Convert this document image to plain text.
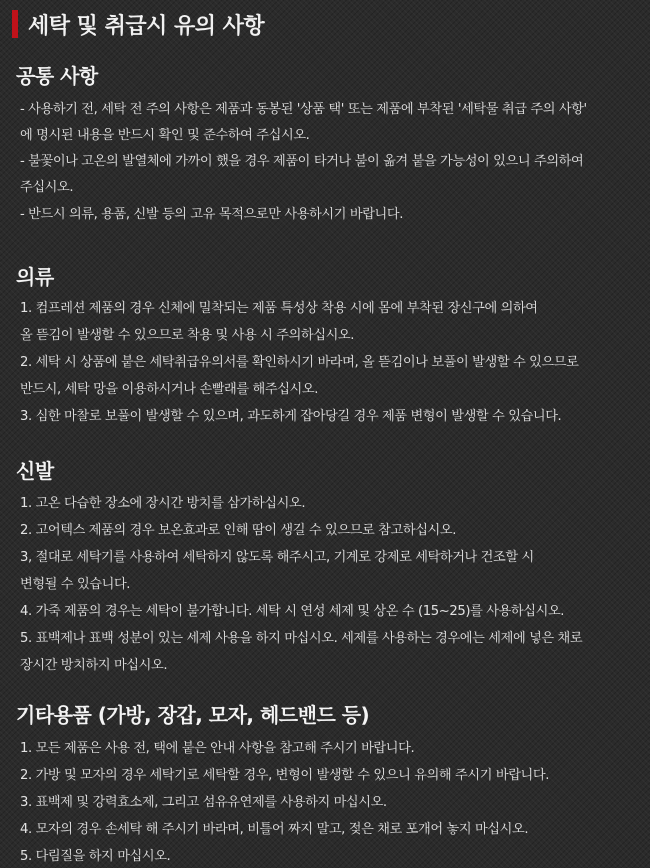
세탁 및 취급시 유의 사항
공통 사항
- 사용하기 전, 세탁 전 주의 사항은 제품과 동봉된 '상품 택' 또는 제품에 부착된 '세탁물 취급 주의 사항'
에 명시된 내용을 반드시 확인 및 준수하여 주십시오.
- 불꽃이나 고온의 발열체에 가까이 했을 경우 제품이 타거나 불이 옮겨 붙을 가능성이 있으니 주의하여
주십시오.
- 반드시 의류, 용품, 신발 등의 고유 목적으로만 사용하시기 바랍니다.
의류
1. 컴프레션 제품의 경우 신체에 밀착되는 제품 특성상 착용 시에 몸에 부착된 장신구에 의하여
올 뜯김이 발생할 수 있으므로 착용 및 사용 시 주의하십시오.
2. 세탁 시 상품에 붙은 세탁취급유의서를 확인하시기 바라며, 올 뜯김이나 보풀이 발생할 수 있으므로
반드시, 세탁 망을 이용하시거나 손빨래를 해주십시오.
3. 심한 마찰로 보풀이 발생할 수 있으며, 과도하게 잡아당길 경우 제품 변형이 발생할 수 있습니다.
신발
1. 고온 다습한 장소에 장시간 방치를 삼가하십시오.
2. 고어텍스 제품의 경우 보온효과로 인해 땀이 생길 수 있으므로 참고하십시오.
3, 절대로 세탁기를 사용하여 세탁하지 않도록 해주시고, 기계로 강제로 세탁하거나 건조할 시
변형될 수 있습니다.
4. 가죽 제품의 경우는 세탁이 불가합니다. 세탁 시 연성 세제 및 상온 수 (15~25)를 사용하십시오.
5. 표백제나 표백 성분이 있는 세제 사용을 하지 마십시오. 세제를 사용하는 경우에는 세제에 넣은 채로
장시간 방치하지 마십시오.
기타용품 (가방, 장갑, 모자, 헤드밴드 등)
1. 모든 제품은 사용 전, 택에 붙은 안내 사항을 참고해 주시기 바랍니다.
2. 가방 및 모자의 경우 세탁기로 세탁할 경우, 변형이 발생할 수 있으니 유의해 주시기 바랍니다.
3. 표백제 및 강력효소제, 그리고 섬유유연제를 사용하지 마십시오.
4. 모자의 경우 손세탁 해 주시기 바라며, 비틀어 짜지 말고, 젖은 채로 포개어 놓지 마십시오.
5. 다림질을 하지 마십시오.
